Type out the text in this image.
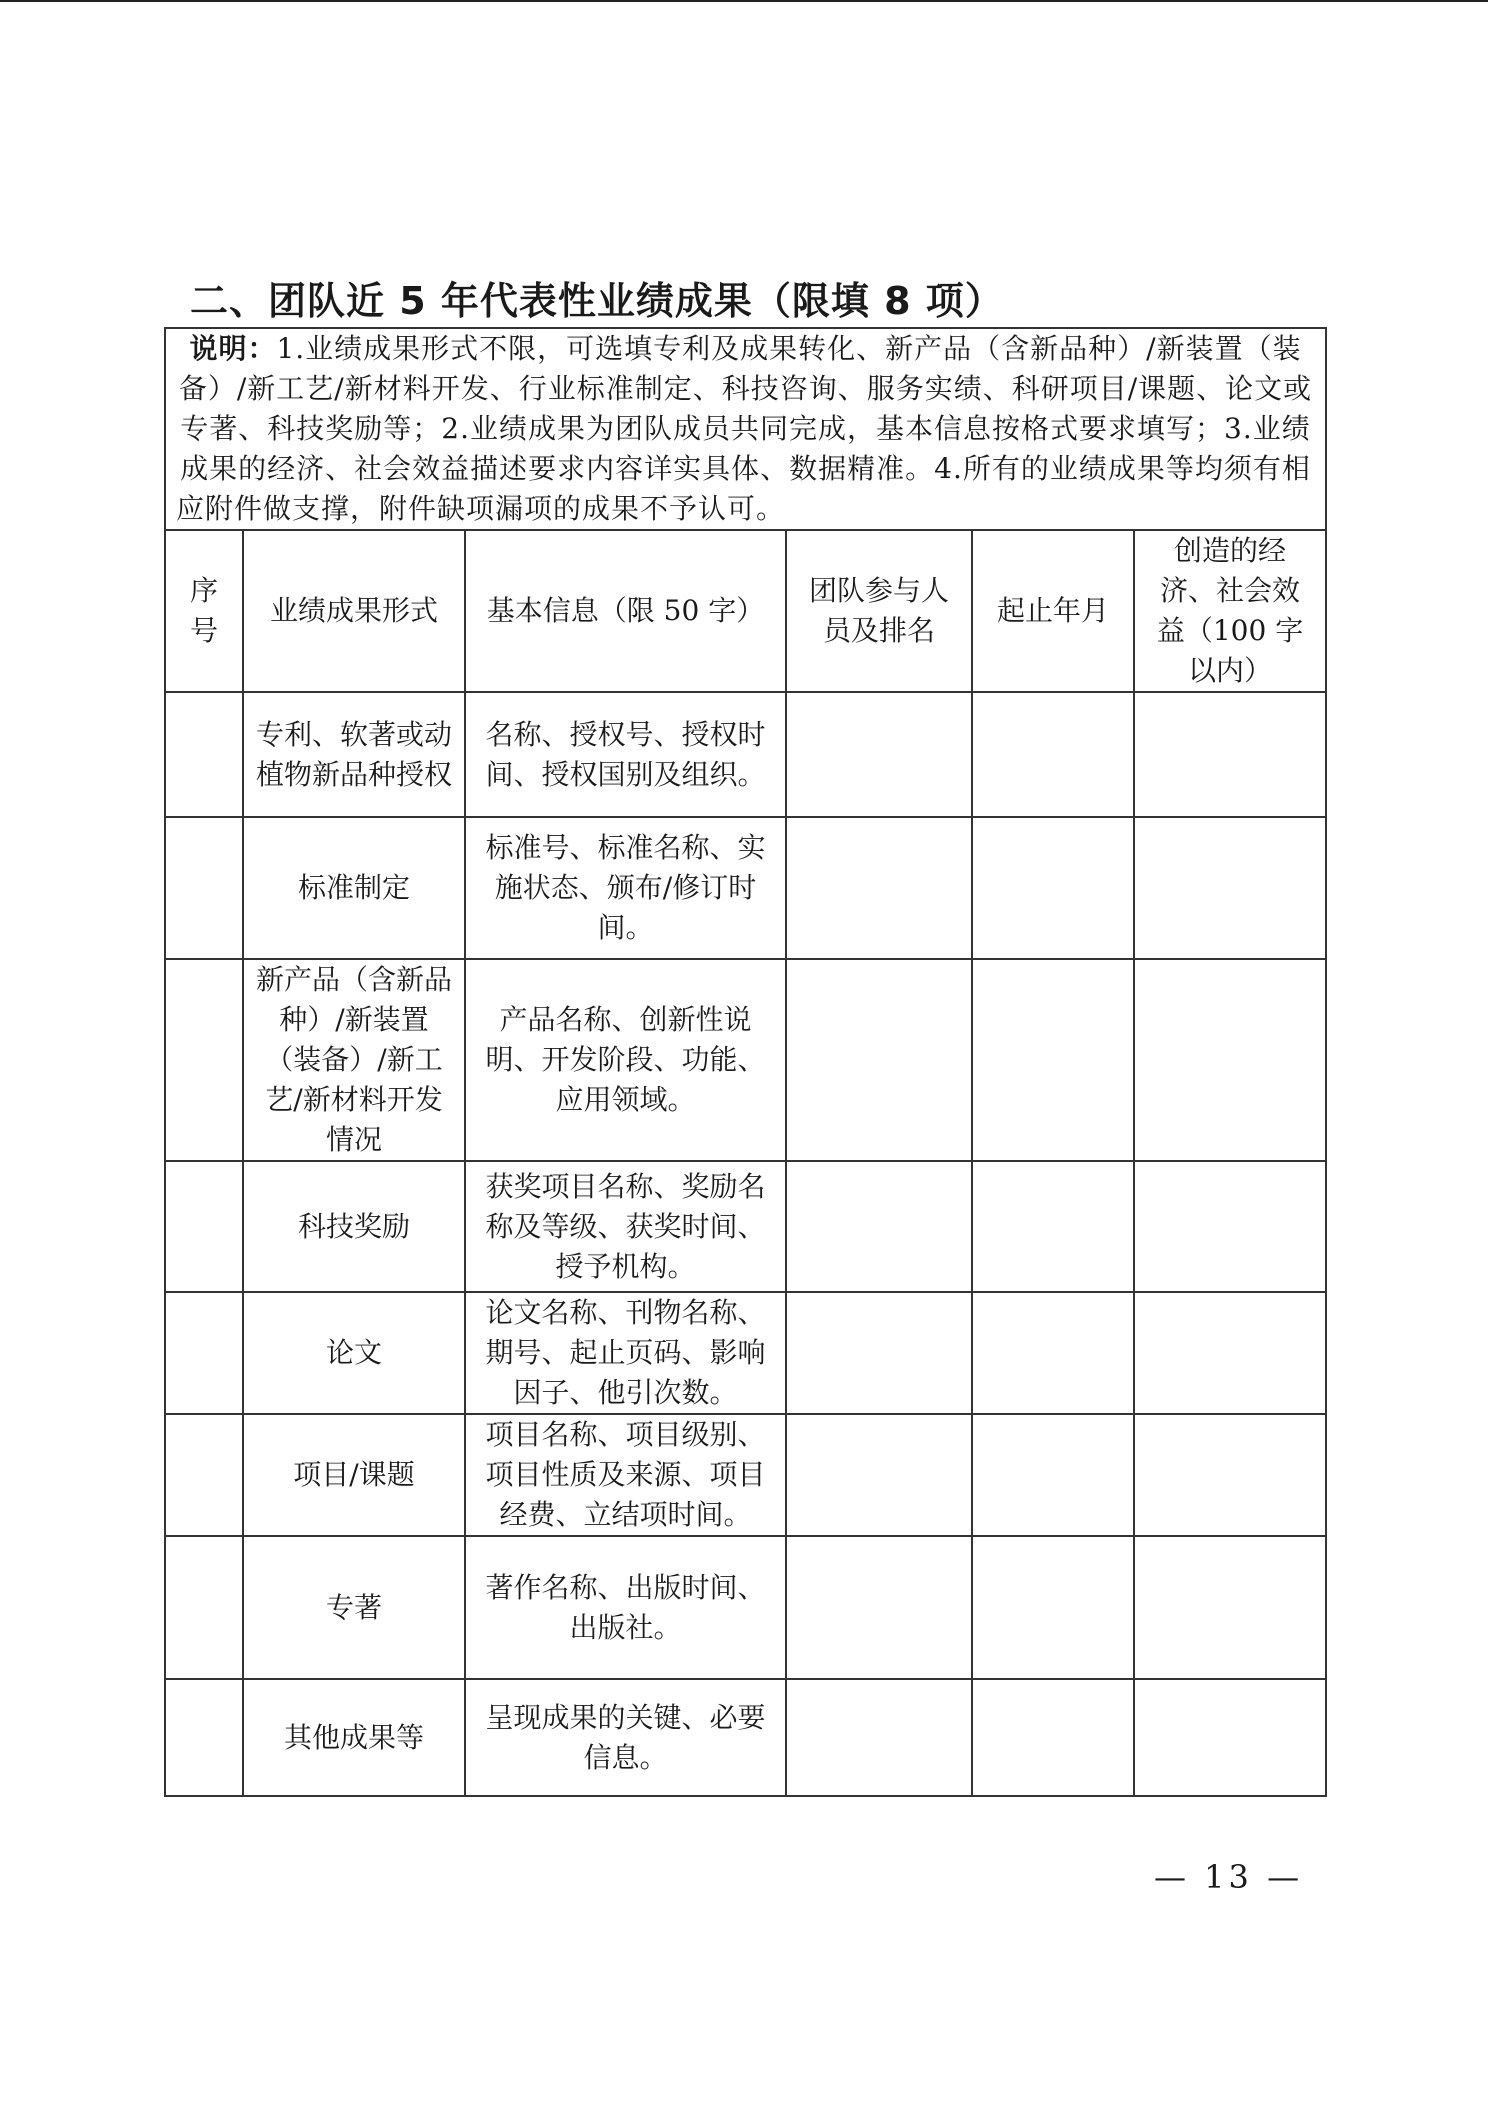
二、团队近 5 年代表性业绩成果（限填 8 项）
说明：1.业绩成果形式不限，可选填专利及成果转化、新产品（含新品种）/新装置（装备）/新工艺/新材料开发、行业标准制定、科技咨询、服务实绩、科研项目/课题、论文或专著、科技奖励等；2.业绩成果为团队成员共同完成，基本信息按格式要求填写；3.业绩成果的经济、社会效益描述要求内容详实具体、数据精准。4.所有的业绩成果等均须有相应附件做支撑，附件缺项漏项的成果不予认可。					
序号	业绩成果形式	基本信息（限 50 字）	团队参与人员及排名	起止年月	创造的经济、社会效益（100 字以内）
	专利、软著或动植物新品种授权	名称、授权号、授权时间、授权国别及组织。			
	标准制定	标准号、标准名称、实施状态、颁布/修订时间。			
	新产品（含新品种）/新装置（装备）/新工艺/新材料开发情况	产品名称、创新性说明、开发阶段、功能、应用领域。			
	科技奖励	获奖项目名称、奖励名称及等级、获奖时间、授予机构。			
	论文	论文名称、刊物名称、期号、起止页码、影响因子、他引次数。			
	项目/课题	项目名称、项目级别、项目性质及来源、项目经费、立结项时间。			
	专著	著作名称、出版时间、出版社。			
	其他成果等	呈现成果的关键、必要信息。			
— 13 —
